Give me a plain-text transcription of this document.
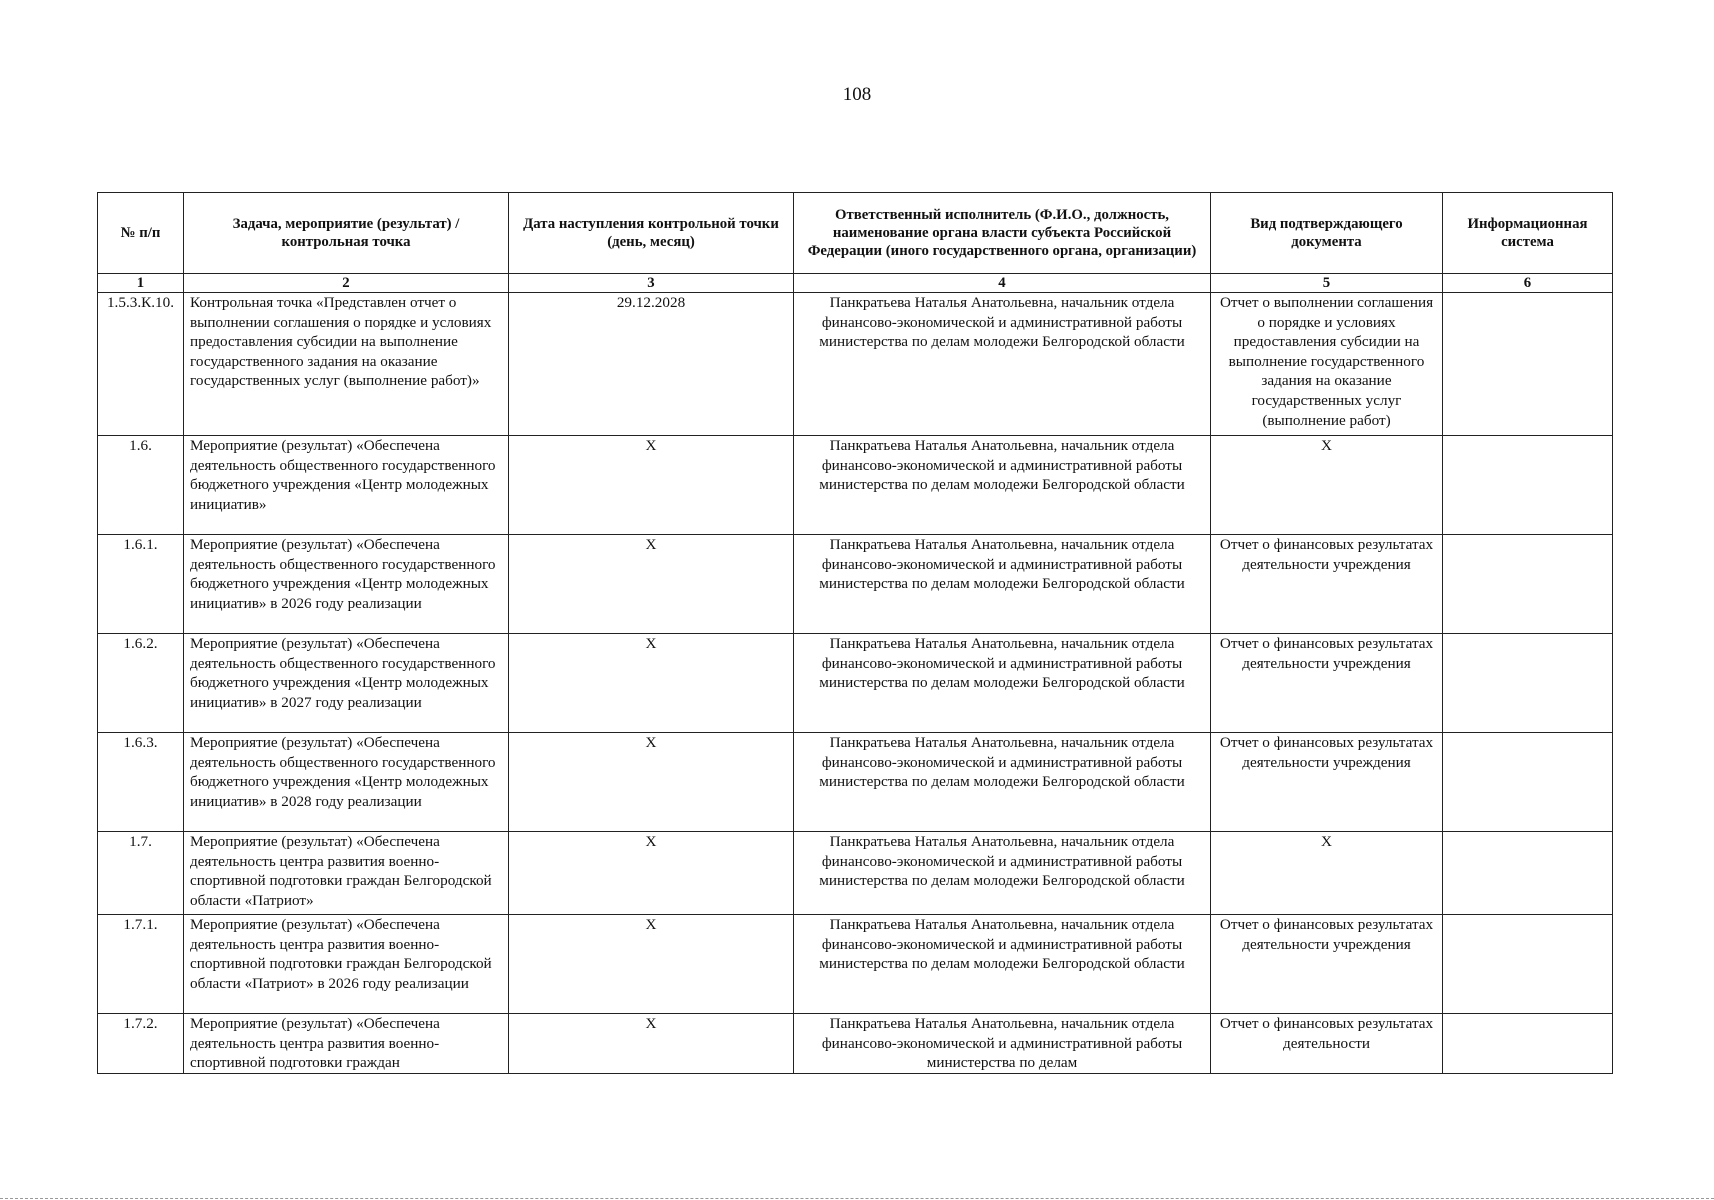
108
№ п/п	Задача, мероприятие (результат) / контрольная точка	Дата наступления контрольной точки (день, месяц)	Ответственный исполнитель (Ф.И.О., должность, наименование органа власти субъекта Российской Федерации (иного государственного органа, организации)	Вид подтверждающего документа	Информационная система
1	2	3	4	5	6
1.5.3.К.10.	Контрольная точка «Представлен отчет о выполнении соглашения о порядке и условиях предоставления субсидии на выполнение государственного задания на оказание государственных услуг (выполнение работ)»	29.12.2028	Панкратьева Наталья Анатольевна, начальник отдела финансово-экономической и административной работы министерства по делам молодежи Белгородской области	Отчет о выполнении соглашения о порядке и условиях предоставления субсидии на выполнение государственного задания на оказание государственных услуг (выполнение работ)	
1.6.	Мероприятие (результат) «Обеспечена деятельность общественного государственного бюджетного учреждения «Центр молодежных инициатив»	Х	Панкратьева Наталья Анатольевна, начальник отдела финансово-экономической и административной работы министерства по делам молодежи Белгородской области	Х	
1.6.1.	Мероприятие (результат) «Обеспечена деятельность общественного государственного бюджетного учреждения «Центр молодежных инициатив» в 2026 году реализации	Х	Панкратьева Наталья Анатольевна, начальник отдела финансово-экономической и административной работы министерства по делам молодежи Белгородской области	Отчет о финансовых результатах деятельности учреждения	
1.6.2.	Мероприятие (результат) «Обеспечена деятельность общественного государственного бюджетного учреждения «Центр молодежных инициатив» в 2027 году реализации	Х	Панкратьева Наталья Анатольевна, начальник отдела финансово-экономической и административной работы министерства по делам молодежи Белгородской области	Отчет о финансовых результатах деятельности учреждения	
1.6.3.	Мероприятие (результат) «Обеспечена деятельность общественного государственного бюджетного учреждения «Центр молодежных инициатив» в 2028 году реализации	Х	Панкратьева Наталья Анатольевна, начальник отдела финансово-экономической и административной работы министерства по делам молодежи Белгородской области	Отчет о финансовых результатах деятельности учреждения	
1.7.	Мероприятие (результат) «Обеспечена деятельность центра развития военно-спортивной подготовки граждан Белгородской области «Патриот»	Х	Панкратьева Наталья Анатольевна, начальник отдела финансово-экономической и административной работы министерства по делам молодежи Белгородской области	Х	
1.7.1.	Мероприятие (результат) «Обеспечена деятельность центра развития военно-спортивной подготовки граждан Белгородской области «Патриот» в 2026 году реализации	Х	Панкратьева Наталья Анатольевна, начальник отдела финансово-экономической и административной работы министерства по делам молодежи Белгородской области	Отчет о финансовых результатах деятельности учреждения	
1.7.2.	Мероприятие (результат) «Обеспечена деятельность центра развития военно-спортивной подготовки граждан	Х	Панкратьева Наталья Анатольевна, начальник отдела финансово-экономической и административной работы министерства по делам	Отчет о финансовых результатах деятельности	
